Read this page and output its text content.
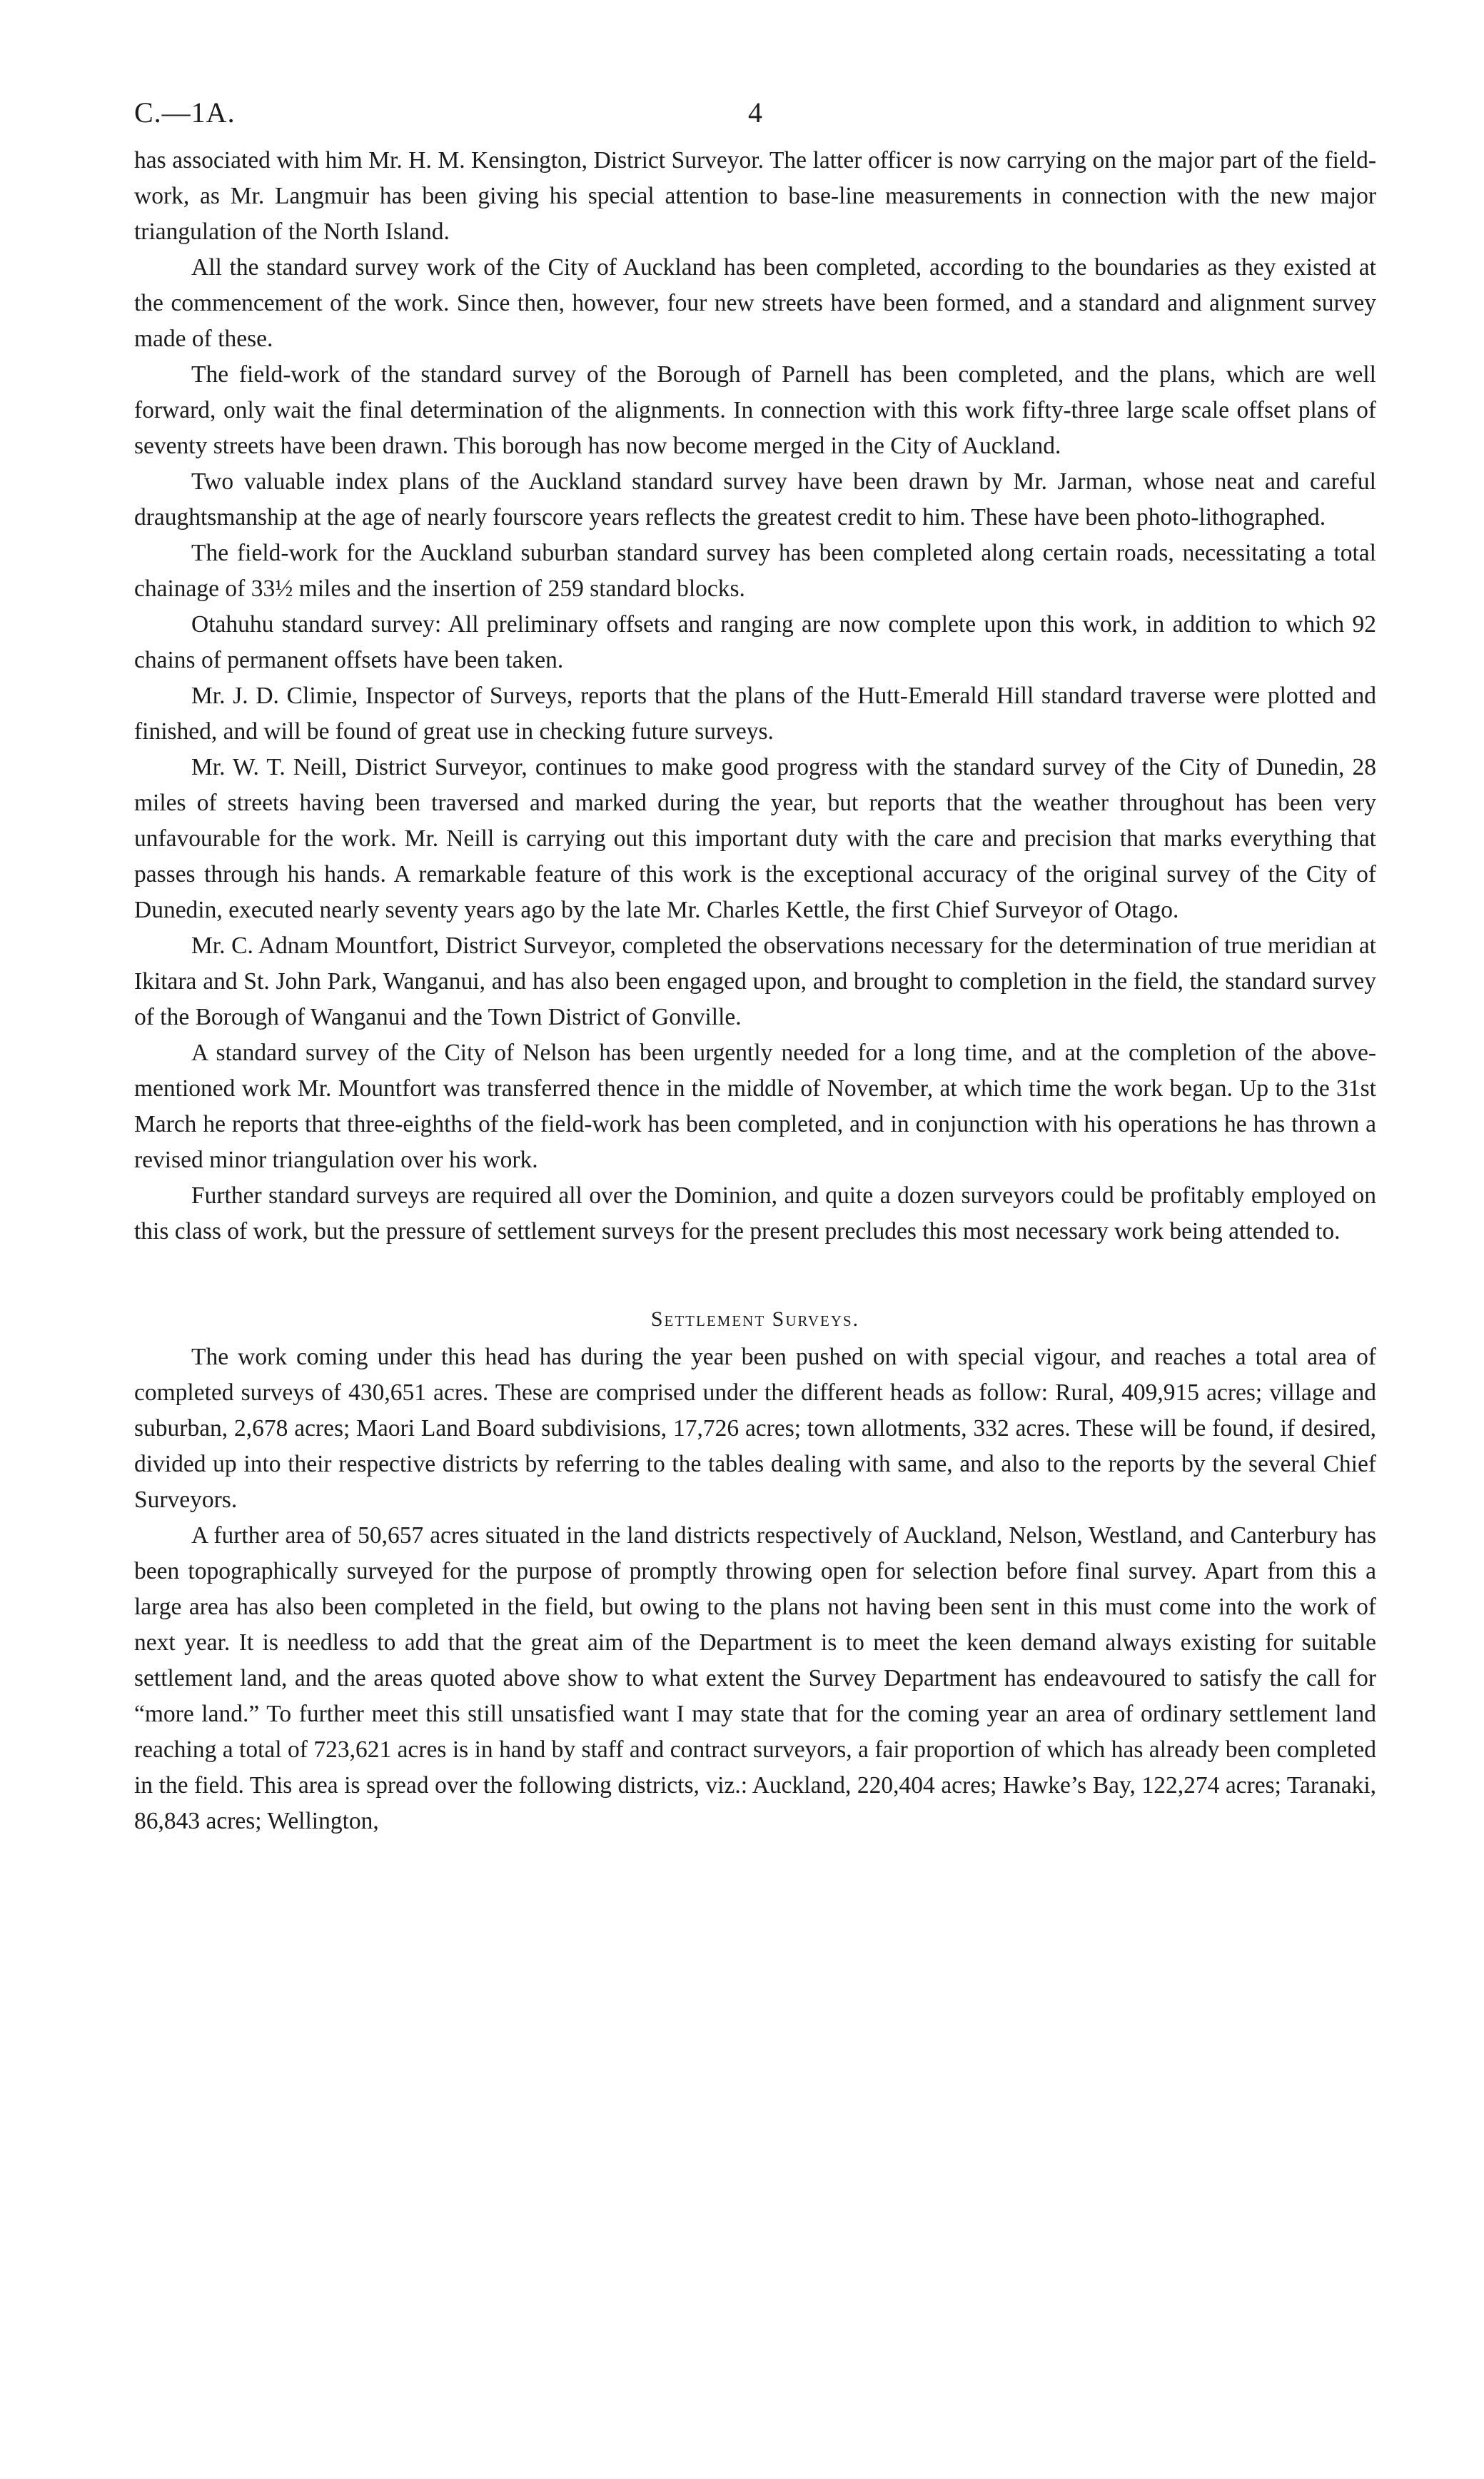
C.—1A.	4

has associated with him Mr. H. M. Kensington, District Surveyor. The latter officer is now carrying on the major part of the field-work, as Mr. Langmuir has been giving his special attention to base-line measurements in connection with the new major triangulation of the North Island.

All the standard survey work of the City of Auckland has been completed, according to the boundaries as they existed at the commencement of the work. Since then, however, four new streets have been formed, and a standard and alignment survey made of these.

The field-work of the standard survey of the Borough of Parnell has been completed, and the plans, which are well forward, only wait the final determination of the alignments. In connection with this work fifty-three large scale offset plans of seventy streets have been drawn. This borough has now become merged in the City of Auckland.

Two valuable index plans of the Auckland standard survey have been drawn by Mr. Jarman, whose neat and careful draughtsmanship at the age of nearly fourscore years reflects the greatest credit to him. These have been photo-lithographed.

The field-work for the Auckland suburban standard survey has been completed along certain roads, necessitating a total chainage of 33½ miles and the insertion of 259 standard blocks.

Otahuhu standard survey: All preliminary offsets and ranging are now complete upon this work, in addition to which 92 chains of permanent offsets have been taken.

Mr. J. D. Climie, Inspector of Surveys, reports that the plans of the Hutt-Emerald Hill standard traverse were plotted and finished, and will be found of great use in checking future surveys.

Mr. W. T. Neill, District Surveyor, continues to make good progress with the standard survey of the City of Dunedin, 28 miles of streets having been traversed and marked during the year, but reports that the weather throughout has been very unfavourable for the work. Mr. Neill is carrying out this important duty with the care and precision that marks everything that passes through his hands. A remarkable feature of this work is the exceptional accuracy of the original survey of the City of Dunedin, executed nearly seventy years ago by the late Mr. Charles Kettle, the first Chief Surveyor of Otago.

Mr. C. Adnam Mountfort, District Surveyor, completed the observations necessary for the determination of true meridian at Ikitara and St. John Park, Wanganui, and has also been engaged upon, and brought to completion in the field, the standard survey of the Borough of Wanganui and the Town District of Gonville.

A standard survey of the City of Nelson has been urgently needed for a long time, and at the completion of the above-mentioned work Mr. Mountfort was transferred thence in the middle of November, at which time the work began. Up to the 31st March he reports that three-eighths of the field-work has been completed, and in conjunction with his operations he has thrown a revised minor triangulation over his work.

Further standard surveys are required all over the Dominion, and quite a dozen surveyors could be profitably employed on this class of work, but the pressure of settlement surveys for the present precludes this most necessary work being attended to.

Settlement Surveys.

The work coming under this head has during the year been pushed on with special vigour, and reaches a total area of completed surveys of 430,651 acres. These are comprised under the different heads as follow: Rural, 409,915 acres; village and suburban, 2,678 acres; Maori Land Board subdivisions, 17,726 acres; town allotments, 332 acres. These will be found, if desired, divided up into their respective districts by referring to the tables dealing with same, and also to the reports by the several Chief Surveyors.

A further area of 50,657 acres situated in the land districts respectively of Auckland, Nelson, Westland, and Canterbury has been topographically surveyed for the purpose of promptly throwing open for selection before final survey. Apart from this a large area has also been completed in the field, but owing to the plans not having been sent in this must come into the work of next year. It is needless to add that the great aim of the Department is to meet the keen demand always existing for suitable settlement land, and the areas quoted above show to what extent the Survey Department has endeavoured to satisfy the call for “more land.” To further meet this still unsatisfied want I may state that for the coming year an area of ordinary settlement land reaching a total of 723,621 acres is in hand by staff and contract surveyors, a fair proportion of which has already been completed in the field. This area is spread over the following districts, viz.: Auckland, 220,404 acres; Hawke’s Bay, 122,274 acres; Taranaki, 86,843 acres; Wellington,
